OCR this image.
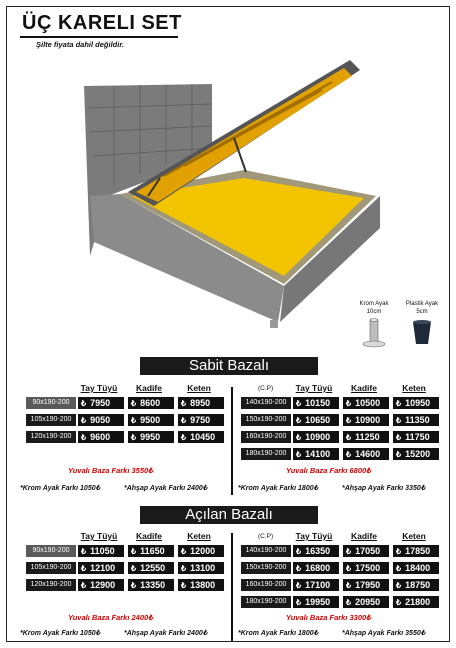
ÜÇ KARELI SET
Şilte fiyata dahil değildir.
Krom Ayak
10cm
Plastik Ayak
5cm
Sabit Bazalı
Tay Tüyü	Kadife	Keten	(C.P)	Tay Tüyü	Kadife	Keten
90x190-200	₺ 7950	₺ 8600	₺ 8950
105x190-200	₺ 9050	₺ 9500	₺ 9750
120x190-200	₺ 9600	₺ 9950	₺ 10450
140x190-200	₺ 10150	₺ 10500	₺ 10950
150x190-200	₺ 10650	₺ 10900	₺ 11350
160x190-200	₺ 10900	₺ 11250	₺ 11750
180x190-200	₺ 14100	₺ 14600	₺ 15200
Yuvalı Baza Farkı 3550₺	Yuvalı Baza Farkı 6800₺
*Krom Ayak Farkı 1050₺	*Ahşap Ayak Farkı 2400₺	*Krom Ayak Farkı 1800₺	*Ahşap Ayak Farkı 3350₺
Açılan Bazalı
Tay Tüyü	Kadife	Keten	(C.P)	Tay Tüyü	Kadife	Keten
90x190-200	₺ 11050	₺ 11650	₺ 12000
105x190-200	₺ 12100	₺ 12550	₺ 13100
120x190-200	₺ 12900	₺ 13350	₺ 13800
140x190-200	₺ 16350	₺ 17050	₺ 17850
150x190-200	₺ 16800	₺ 17500	₺ 18400
160x190-200	₺ 17100	₺ 17950	₺ 18750
180x190-200	₺ 19950	₺ 20950	₺ 21800
Yuvalı Baza Farkı 2400₺	Yuvalı Baza Farkı 3300₺
*Krom Ayak Farkı 1050₺	*Ahşap Ayak Farkı 2400₺	*Krom Ayak Farkı 1800₺	*Ahşap Ayak Farkı 3550₺
